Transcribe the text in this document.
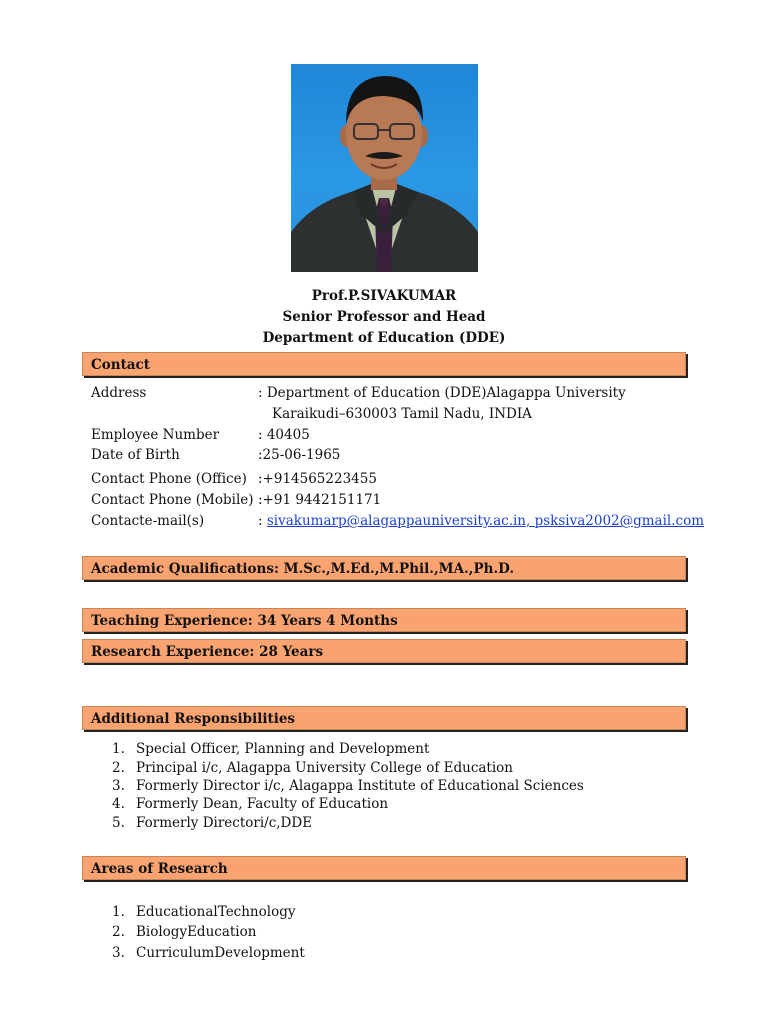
Prof.P.SIVAKUMAR
Senior Professor and Head
Department of Education (DDE)
Contact
Address	: Department of Education (DDE)Alagappa University
Karaikudi–630003 Tamil Nadu, INDIA
Employee Number	: 40405
Date of Birth	:25-06-1965
Contact Phone (Office) :+914565223455
Contact Phone (Mobile) :+91 9442151171
Contacte-mail(s)	: sivakumarp@alagappauniversity.ac.in, psksiva2002@gmail.com
Academic Qualifications: M.Sc.,M.Ed.,M.Phil.,MA.,Ph.D.
Teaching Experience: 34 Years 4 Months
Research Experience: 28 Years
Additional Responsibilities
1. Special Officer, Planning and Development
2. Principal i/c, Alagappa University College of Education
3. Formerly Director i/c, Alagappa Institute of Educational Sciences
4. Formerly Dean, Faculty of Education
5. Formerly Directori/c,DDE
Areas of Research
1. EducationalTechnology
2. BiologyEducation
3. CurriculumDevelopment
